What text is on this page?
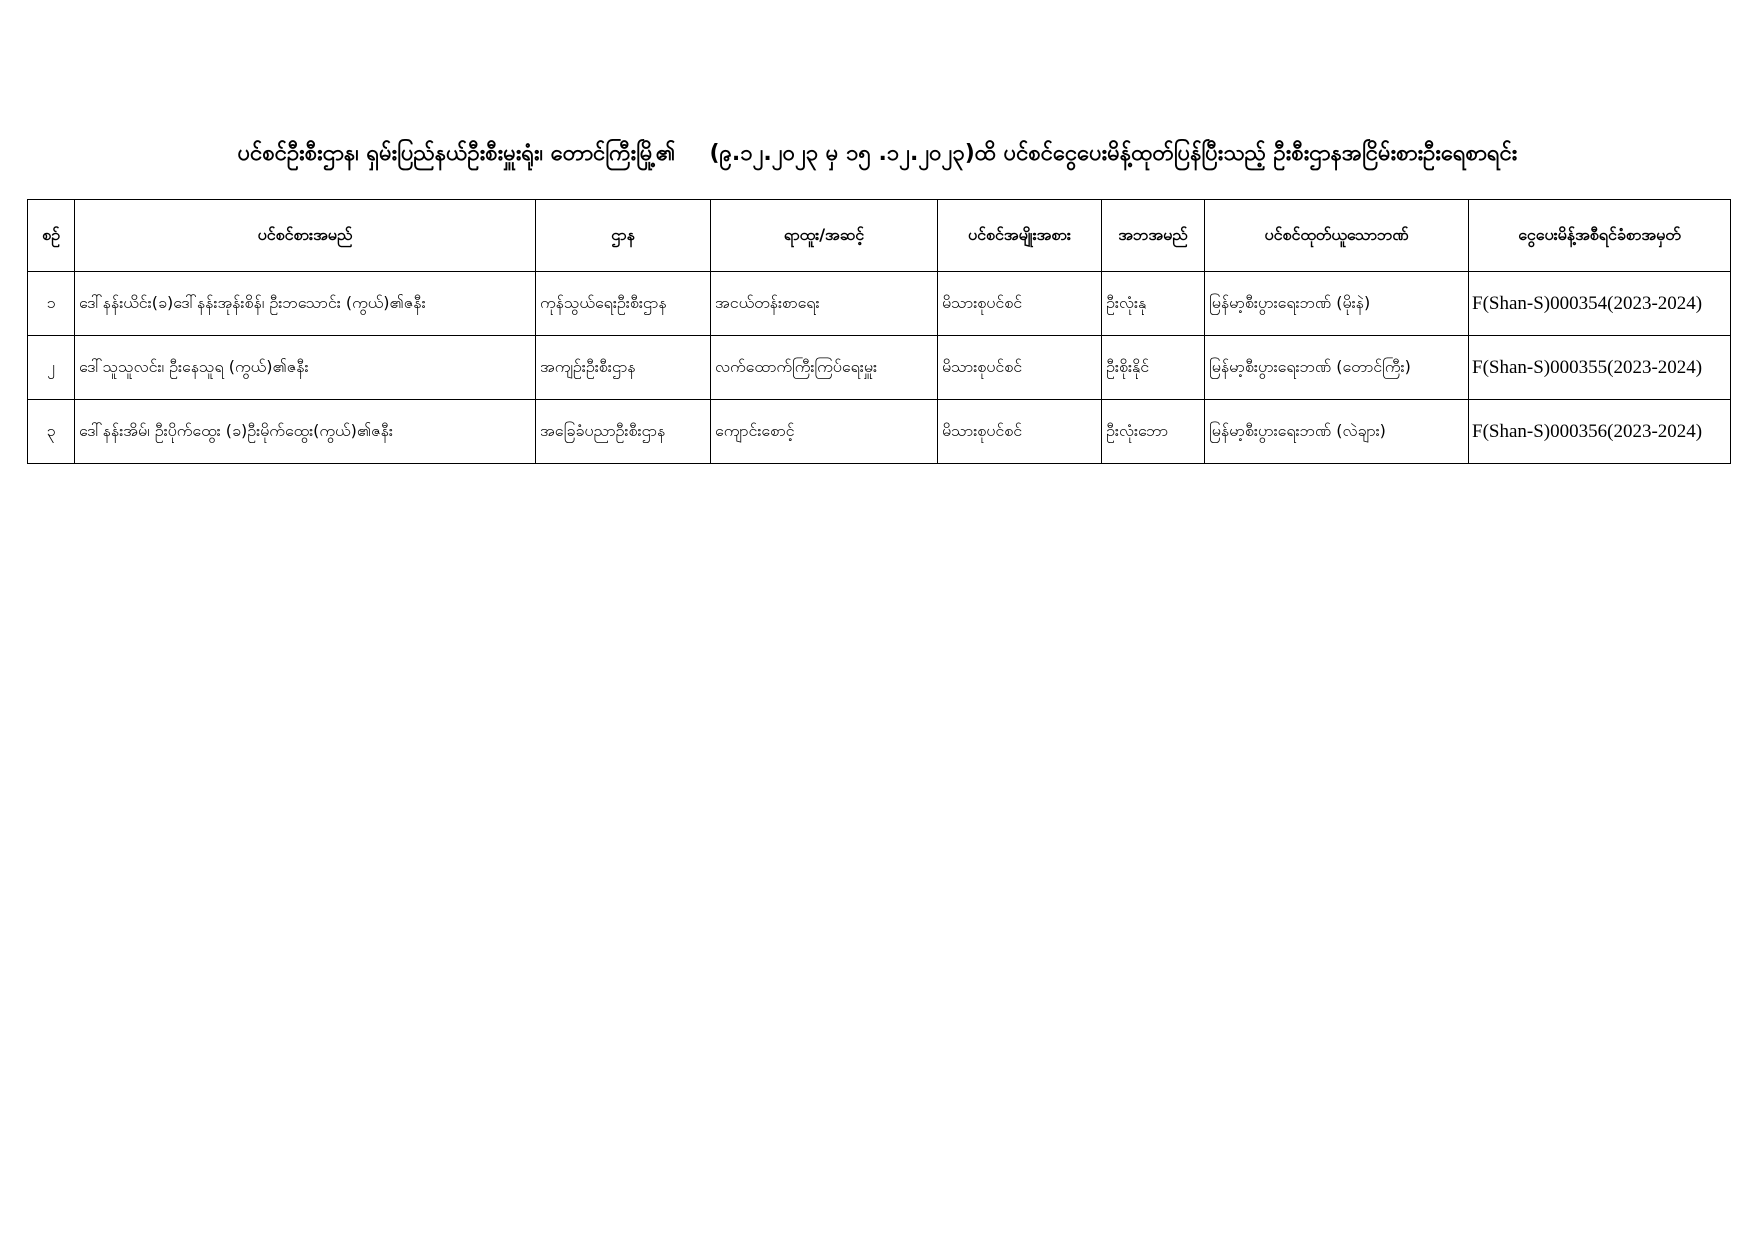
ပင်စင်ဦးစီးဌာန၊ ရှမ်းပြည်နယ်ဦးစီးမှူးရုံး၊ တောင်ကြီးမြို့၏ (၉.၁၂.၂၀၂၃ မှ ၁၅ .၁၂.၂၀၂၃)ထိ ပင်စင်ငွေပေးမိန့်ထုတ်ပြန်ပြီးသည့် ဦးစီးဌာနအငြိမ်းစားဦးရေစာရင်း
စဉ်	ပင်စင်စားအမည်	ဌာန	ရာထူး/အဆင့်	ပင်စင်အမျိုးအစား	အဘအမည်	ပင်စင်ထုတ်ယူသောဘဏ်	ငွေပေးမိန့်အစီရင်ခံစာအမှတ်
၁	ဒေါ်နန်းယိင်း(ခ)ဒေါ်နန်းအုန်းစိန်၊ ဦးဘသောင်း (ကွယ်)၏ဇနီး	ကုန်သွယ်ရေးဦးစီးဌာန	အငယ်တန်းစာရေး	မိသားစုပင်စင်	ဦးလုံးနု	မြန်မာ့စီးပွားရေးဘဏ် (မိုးနဲ)	F(Shan-S)000354(2023-2024)
၂	ဒေါ်သူသူလင်း၊ ဦးနေသူရ (ကွယ်)၏ဇနီး	အကျဉ်းဦးစီးဌာန	လက်ထောက်ကြီးကြပ်ရေးမှူး	မိသားစုပင်စင်	ဦးစိုးနိုင်	မြန်မာ့စီးပွားရေးဘဏ် (တောင်ကြီး)	F(Shan-S)000355(2023-2024)
၃	ဒေါ်နန်းအိမ်၊ ဦးပိုက်ထွေး (ခ)ဦးမိုက်ထွေး(ကွယ်)၏ဇနီး	အခြေခံပညာဦးစီးဌာန	ကျောင်းစောင့်	မိသားစုပင်စင်	ဦးလုံးဘော	မြန်မာ့စီးပွားရေးဘဏ် (လဲချား)	F(Shan-S)000356(2023-2024)
